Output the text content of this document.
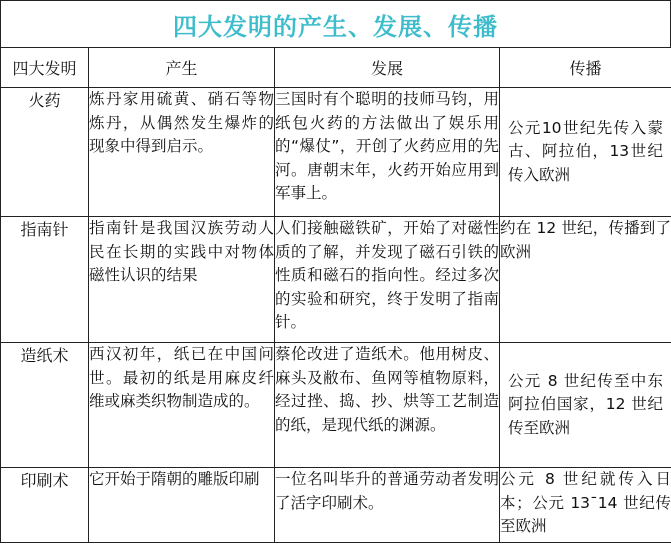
四大发明的产生、发展、传播
四大发明	产生	发展	传播
火药	炼丹家用硫黄、硝石等物炼丹，从偶然发生爆炸的现象中得到启示。	三国时有个聪明的技师马钧，用纸包火药的方法做出了娱乐用的“爆仗”，开创了火药应用的先河。唐朝末年，火药开始应用到军事上。	公元10世纪先传入蒙古、阿拉伯，13世纪传入欧洲
指南针	指南针是我国汉族劳动人民在长期的实践中对物体磁性认识的结果	人们接触磁铁矿，开始了对磁性质的了解，并发现了磁石引铁的性质和磁石的指向性。经过多次的实验和研究，终于发明了指南针。	约在 12 世纪，传播到了欧洲
造纸术	西汉初年，纸已在中国问世。最初的纸是用麻皮纤维或麻类织物制造成的。	蔡伦改进了造纸术。他用树皮、麻头及敝布、鱼网等植物原料，经过挫、捣、抄、烘等工艺制造的纸，是现代纸的渊源。	公元 8 世纪传至中东阿拉伯国家，12 世纪传至欧洲
印刷术	它开始于隋朝的雕版印刷	一位名叫毕升的普通劳动者发明了活字印刷术。	公元 8 世纪就传入日本；公元 13¯14 世纪传至欧洲
